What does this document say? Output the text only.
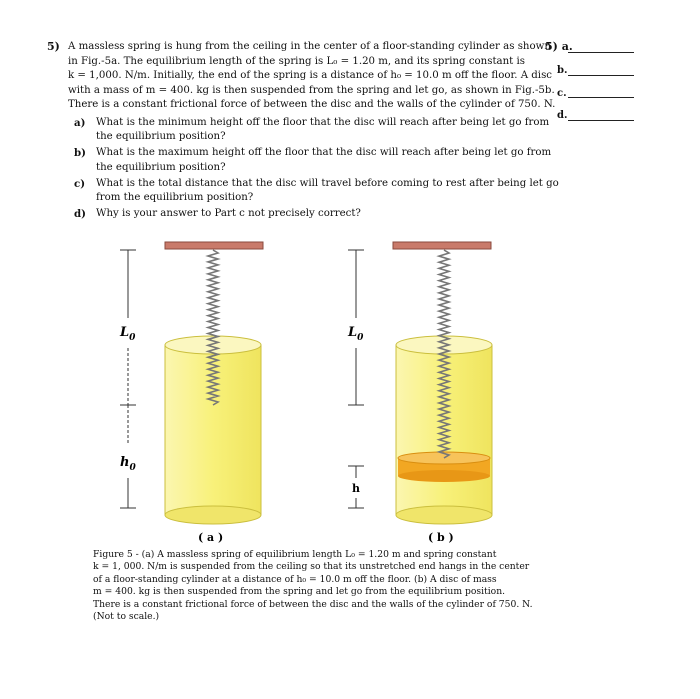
5) A massless spring is hung from the ceiling in the center of a floor-standing cylinder as shown

in Fig.-5a. The equilibrium length of the spring is L₀ = 1.20 m, and its spring constant is

k = 1,000. N/m. Initially, the end of the spring is a distance of h₀ = 10.0 m off the floor. A disc

with a mass of m = 400. kg is then suspended from the spring and let go, as shown in Fig.-5b.

There is a constant frictional force of between the disc and the walls of the cylinder of 750. N.

a)	What is the minimum height off the floor that the disc will reach after being let go from

the equilibrium position?

b) What is the maximum height off the floor that the disc will reach after being let go from

the equilibrium position?

c)	What is the total distance that the disc will travel before coming to rest after being let go

from the equilibrium position?

d) Why is your answer to Part c not precisely correct?

5) a.
b.
c.
d.
$L_0$
$h_0$
$L_0$
h
( a )	( b )

Figure 5 - (a) A massless spring of equilibrium length L₀ = 1.20 m and spring constant

k = 1, 000. N/m is suspended from the ceiling so that its unstretched end hangs in the center

of a floor-standing cylinder at a distance of h₀ = 10.0 m off the floor. (b) A disc of mass

m = 400. kg is then suspended from the spring and let go from the equilibrium position.

There is a constant frictional force of between the disc and the walls of the cylinder of 750. N.

(Not to scale.)
